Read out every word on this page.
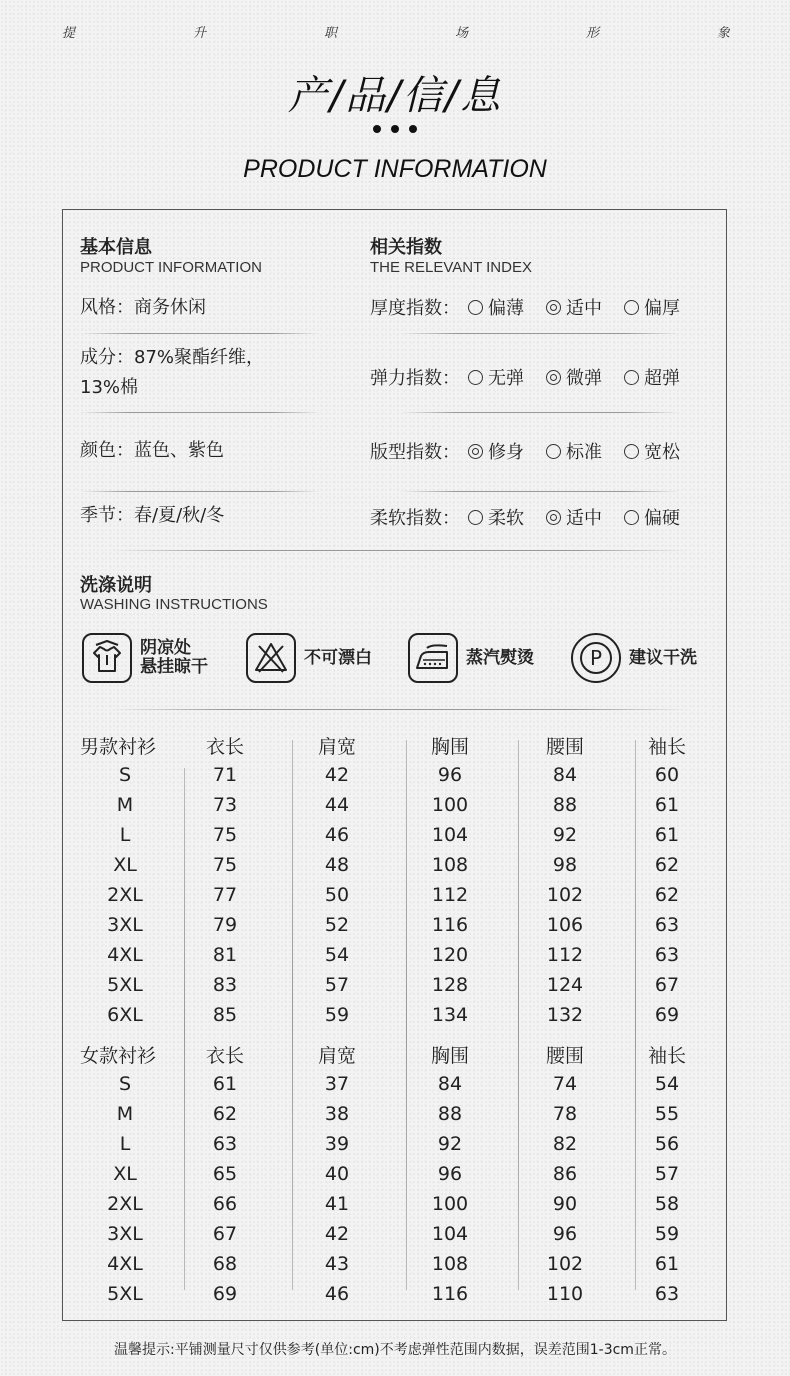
提	升	职	场	形	象
产/品/信/息
PRODUCT INFORMATION
基本信息
PRODUCT INFORMATION
风格：商务休闲
成分：87%聚酯纤维，
13%棉
颜色：蓝色、紫色
季节：春/夏/秋/冬
相关指数
THE RELEVANT INDEX
厚度指数：	偏薄 适中 偏厚
弹力指数：	无弹 微弹 超弹
版型指数：	修身 标准 宽松
柔软指数：	柔软 适中 偏硬
洗涤说明
WASHING INSTRUCTIONS
阴凉处
悬挂晾干	不可漂白	蒸汽熨烫	P 建议干洗
男款衬衫	衣长	肩宽	胸围	腰围	袖长
S	71	42	96	84	60
M	73	44	100	88	61
L	75	46	104	92	61
XL	75	48	108	98	62
2XL	77	50	112	102	62
3XL	79	52	116	106	63
4XL	81	54	120	112	63
5XL	83	57	128	124	67
6XL	85	59	134	132	69
女款衬衫	衣长	肩宽	胸围	腰围	袖长
S	61	37	84	74	54
M	62	38	88	78	55
L	63	39	92	82	56
XL	65	40	96	86	57
2XL	66	41	100	90	58
3XL	67	42	104	96	59
4XL	68	43	108	102	61
5XL	69	46	116	110	63
温馨提示:平铺测量尺寸仅供参考(单位:cm)不考虑弹性范围内数据，误差范围1-3cm正常。
